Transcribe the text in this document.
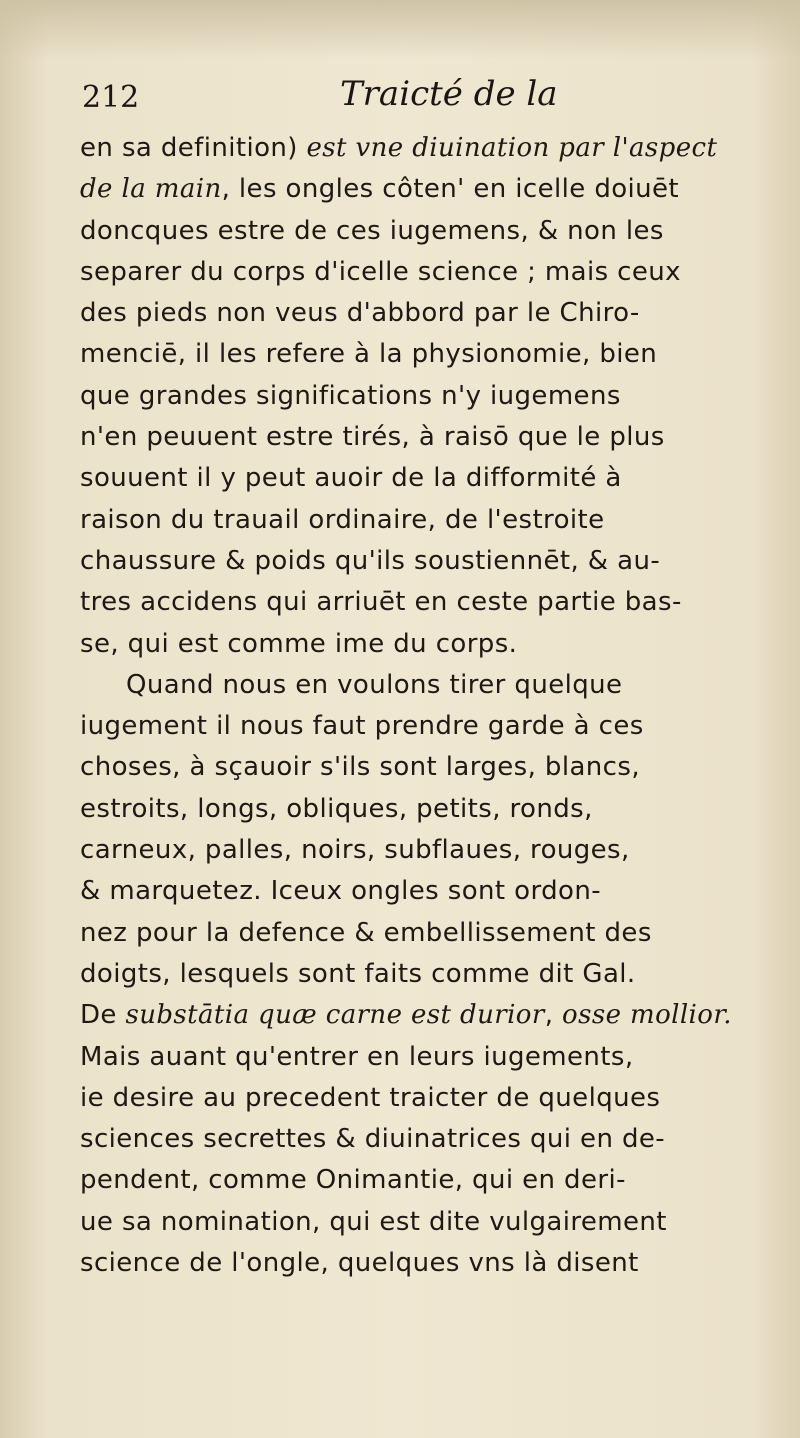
212	Traicté de la
en sa definition) est vne diuination par l'aspect
de la main, les ongles côten' en icelle doiuēt
doncques estre de ces iugemens, & non les
separer du corps d'icelle science ; mais ceux
des pieds non veus d'abbord par le Chiro-
menciē, il les refere à la physionomie, bien
que grandes significations n'y iugemens
n'en peuuent estre tirés, à raisō que le plus
souuent il y peut auoir de la difformité à
raison du trauail ordinaire, de l'estroite
chaussure & poids qu'ils soustiennēt, & au-
tres accidens qui arriuēt en ceste partie bas-
se, qui est comme ime du corps.
Quand nous en voulons tirer quelque
iugement il nous faut prendre garde à ces
choses, à sçauoir s'ils sont larges, blancs,
estroits, longs, obliques, petits, ronds,
carneux, palles, noirs, subflaues, rouges,
& marquetez. Iceux ongles sont ordon-
nez pour la defence & embellissement des
doigts, lesquels sont faits comme dit Gal.
De substātia quæ carne est durior, osse mollior.
Mais auant qu'entrer en leurs iugements,
ie desire au precedent traicter de quelques
sciences secrettes & diuinatrices qui en de-
pendent, comme Onimantie, qui en deri-
ue sa nomination, qui est dite vulgairement
science de l'ongle, quelques vns là disent
